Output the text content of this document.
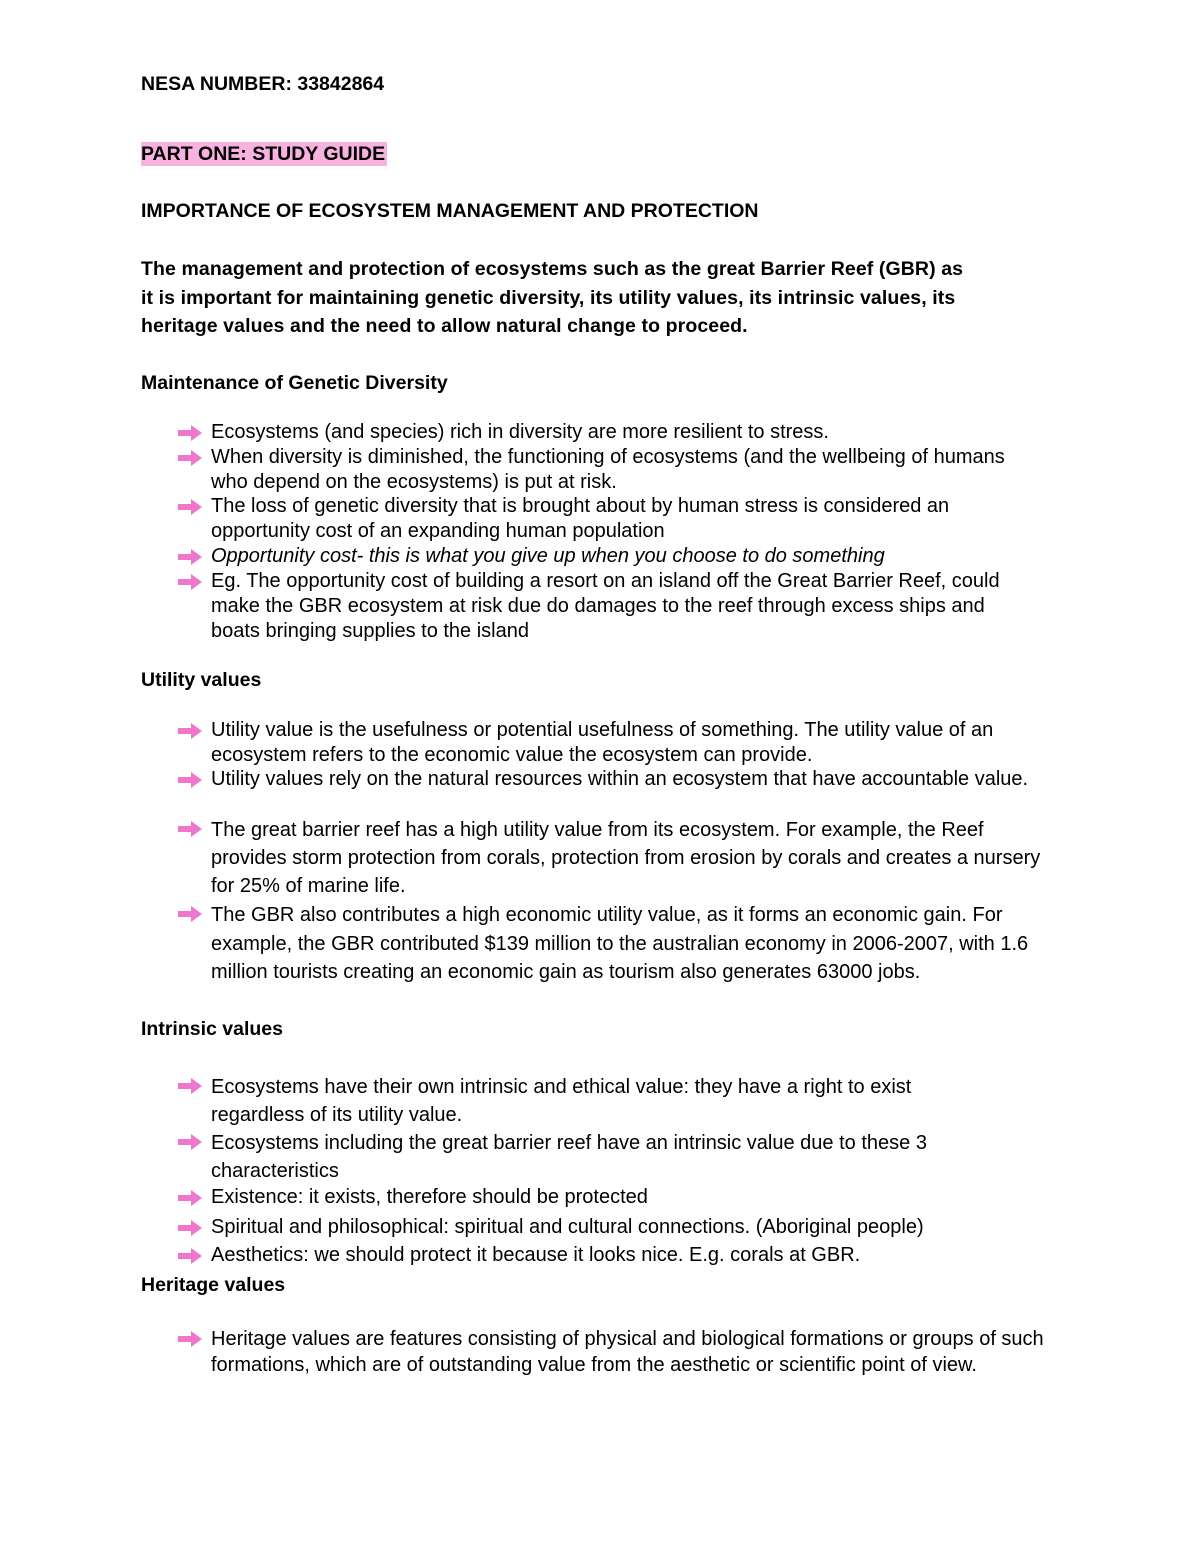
NESA NUMBER: 33842864
PART ONE: STUDY GUIDE
IMPORTANCE OF ECOSYSTEM MANAGEMENT AND PROTECTION
The management and protection of ecosystems such as the great Barrier Reef (GBR) as
it is important for maintaining genetic diversity, its utility values, its intrinsic values, its
heritage values and the need to allow natural change to proceed.
Maintenance of Genetic Diversity
Ecosystems (and species) rich in diversity are more resilient to stress.
When diversity is diminished, the functioning of ecosystems (and the wellbeing of humans who depend on the ecosystems) is put at risk.
The loss of genetic diversity that is brought about by human stress is considered an opportunity cost of an expanding human population
Opportunity cost- this is what you give up when you choose to do something
Eg. The opportunity cost of building a resort on an island off the Great Barrier Reef, could make the GBR ecosystem at risk due do damages to the reef through excess ships and boats bringing supplies to the island
Utility values
Utility value is the usefulness or potential usefulness of something. The utility value of an ecosystem refers to the economic value the ecosystem can provide.
Utility values rely on the natural resources within an ecosystem that have accountable value.
The great barrier reef has a high utility value from its ecosystem. For example, the Reef provides storm protection from corals, protection from erosion by corals and creates a nursery for 25% of marine life.
The GBR also contributes a high economic utility value, as it forms an economic gain. For example, the GBR contributed $139 million to the australian economy in 2006-2007, with 1.6 million tourists creating an economic gain as tourism also generates 63000 jobs.
Intrinsic values
Ecosystems have their own intrinsic and ethical value: they have a right to exist regardless of its utility value.
Ecosystems including the great barrier reef have an intrinsic value due to these 3 characteristics
Existence: it exists, therefore should be protected
Spiritual and philosophical: spiritual and cultural connections. (Aboriginal people)
Aesthetics: we should protect it because it looks nice. E.g. corals at GBR.
Heritage values
Heritage values are features consisting of physical and biological formations or groups of such formations, which are of outstanding value from the aesthetic or scientific point of view.
